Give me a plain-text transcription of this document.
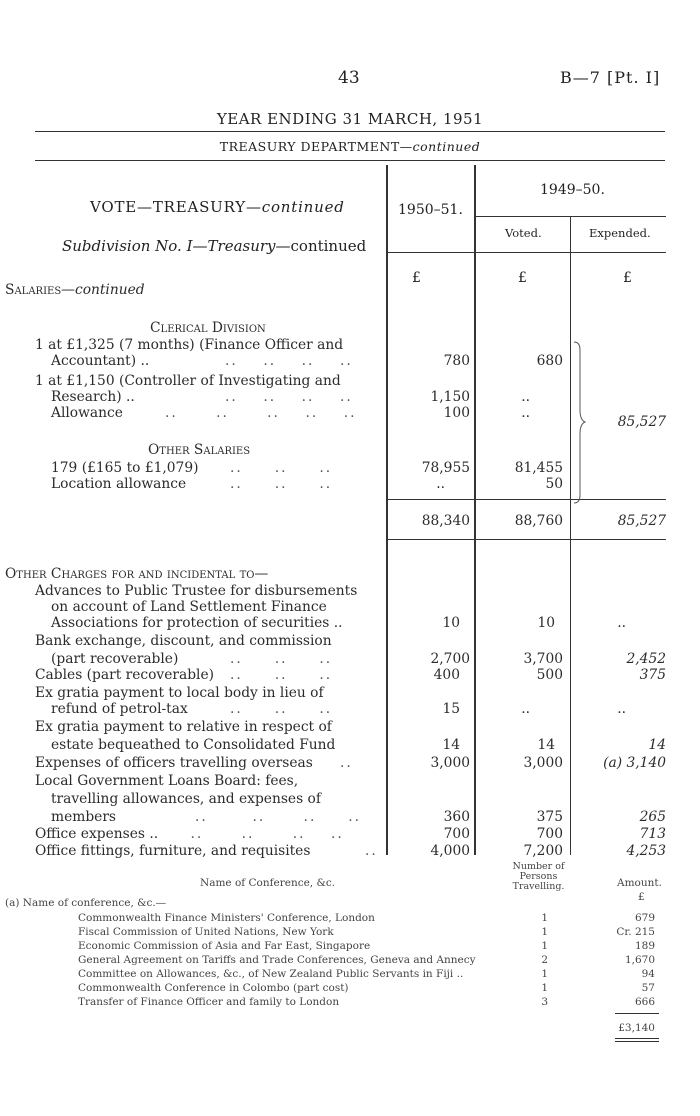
43	B—7 [Pt. I]
YEAR ENDING 31 MARCH, 1951
TREASURY DEPARTMENT—continued
VOTE—TREASURY—continued
Subdivision No. I—Treasury—continued
1950–51.
1949–50.
Voted.	Expended.
£	£	£
Salaries—continued
Clerical Division
1 at £1,325 (7 months) (Finance Officer and
Accountant) ..	..    ..    ..    ..	780	680
1 at £1,150 (Controller of Investigating and
Research) ..	..    ..    ..    ..	1,150	..
Allowance	..      ..      ..    ..    ..	100	..
Other Salaries
179 (£165 to £1,079) ..     ..     ..	78,955	81,455
Location allowance	..     ..     ..	..	50
85,527
88,340	88,760	85,527
Other Charges for and incidental to—
Advances to Public Trustee for disbursements
on account of Land Settlement Finance
Associations for protection of securities ..	10	10	..
Bank exchange, discount, and commission
(part recoverable)	..     ..     ..	2,700	3,700	2,452
Cables (part recoverable) ..     ..     ..	400	500	375
Ex gratia payment to local body in lieu of
refund of petrol-tax	..     ..     ..	15	..	..
Ex gratia payment to relative in respect of
estate bequeathed to Consolidated Fund	14	14	14
Expenses of officers travelling overseas ..	3,000	3,000	(a) 3,140
Local Government Loans Board: fees,
travelling allowances, and expenses of
members	..       ..      ..     ..	360	375	265
Office expenses .. ..      ..      ..    ..	700	700	713
Office fittings, furniture, and requisites	..	4,000	7,200	4,253
Name of Conference, &c.
Number of Persons Travelling.	Amount.
£
(a) Name of conference, &c.—
Commonwealth Finance Ministers' Conference, London	1	679
Fiscal Commission of United Nations, New York	1	Cr. 215
Economic Commission of Asia and Far East, Singapore	1	189
General Agreement on Tariffs and Trade Conferences, Geneva and Annecy	2	1,670
Committee on Allowances, &c., of New Zealand Public Servants in Fiji ..	1	94
Commonwealth Conference in Colombo (part cost)	1	57
Transfer of Finance Officer and family to London	3	666
£3,140
